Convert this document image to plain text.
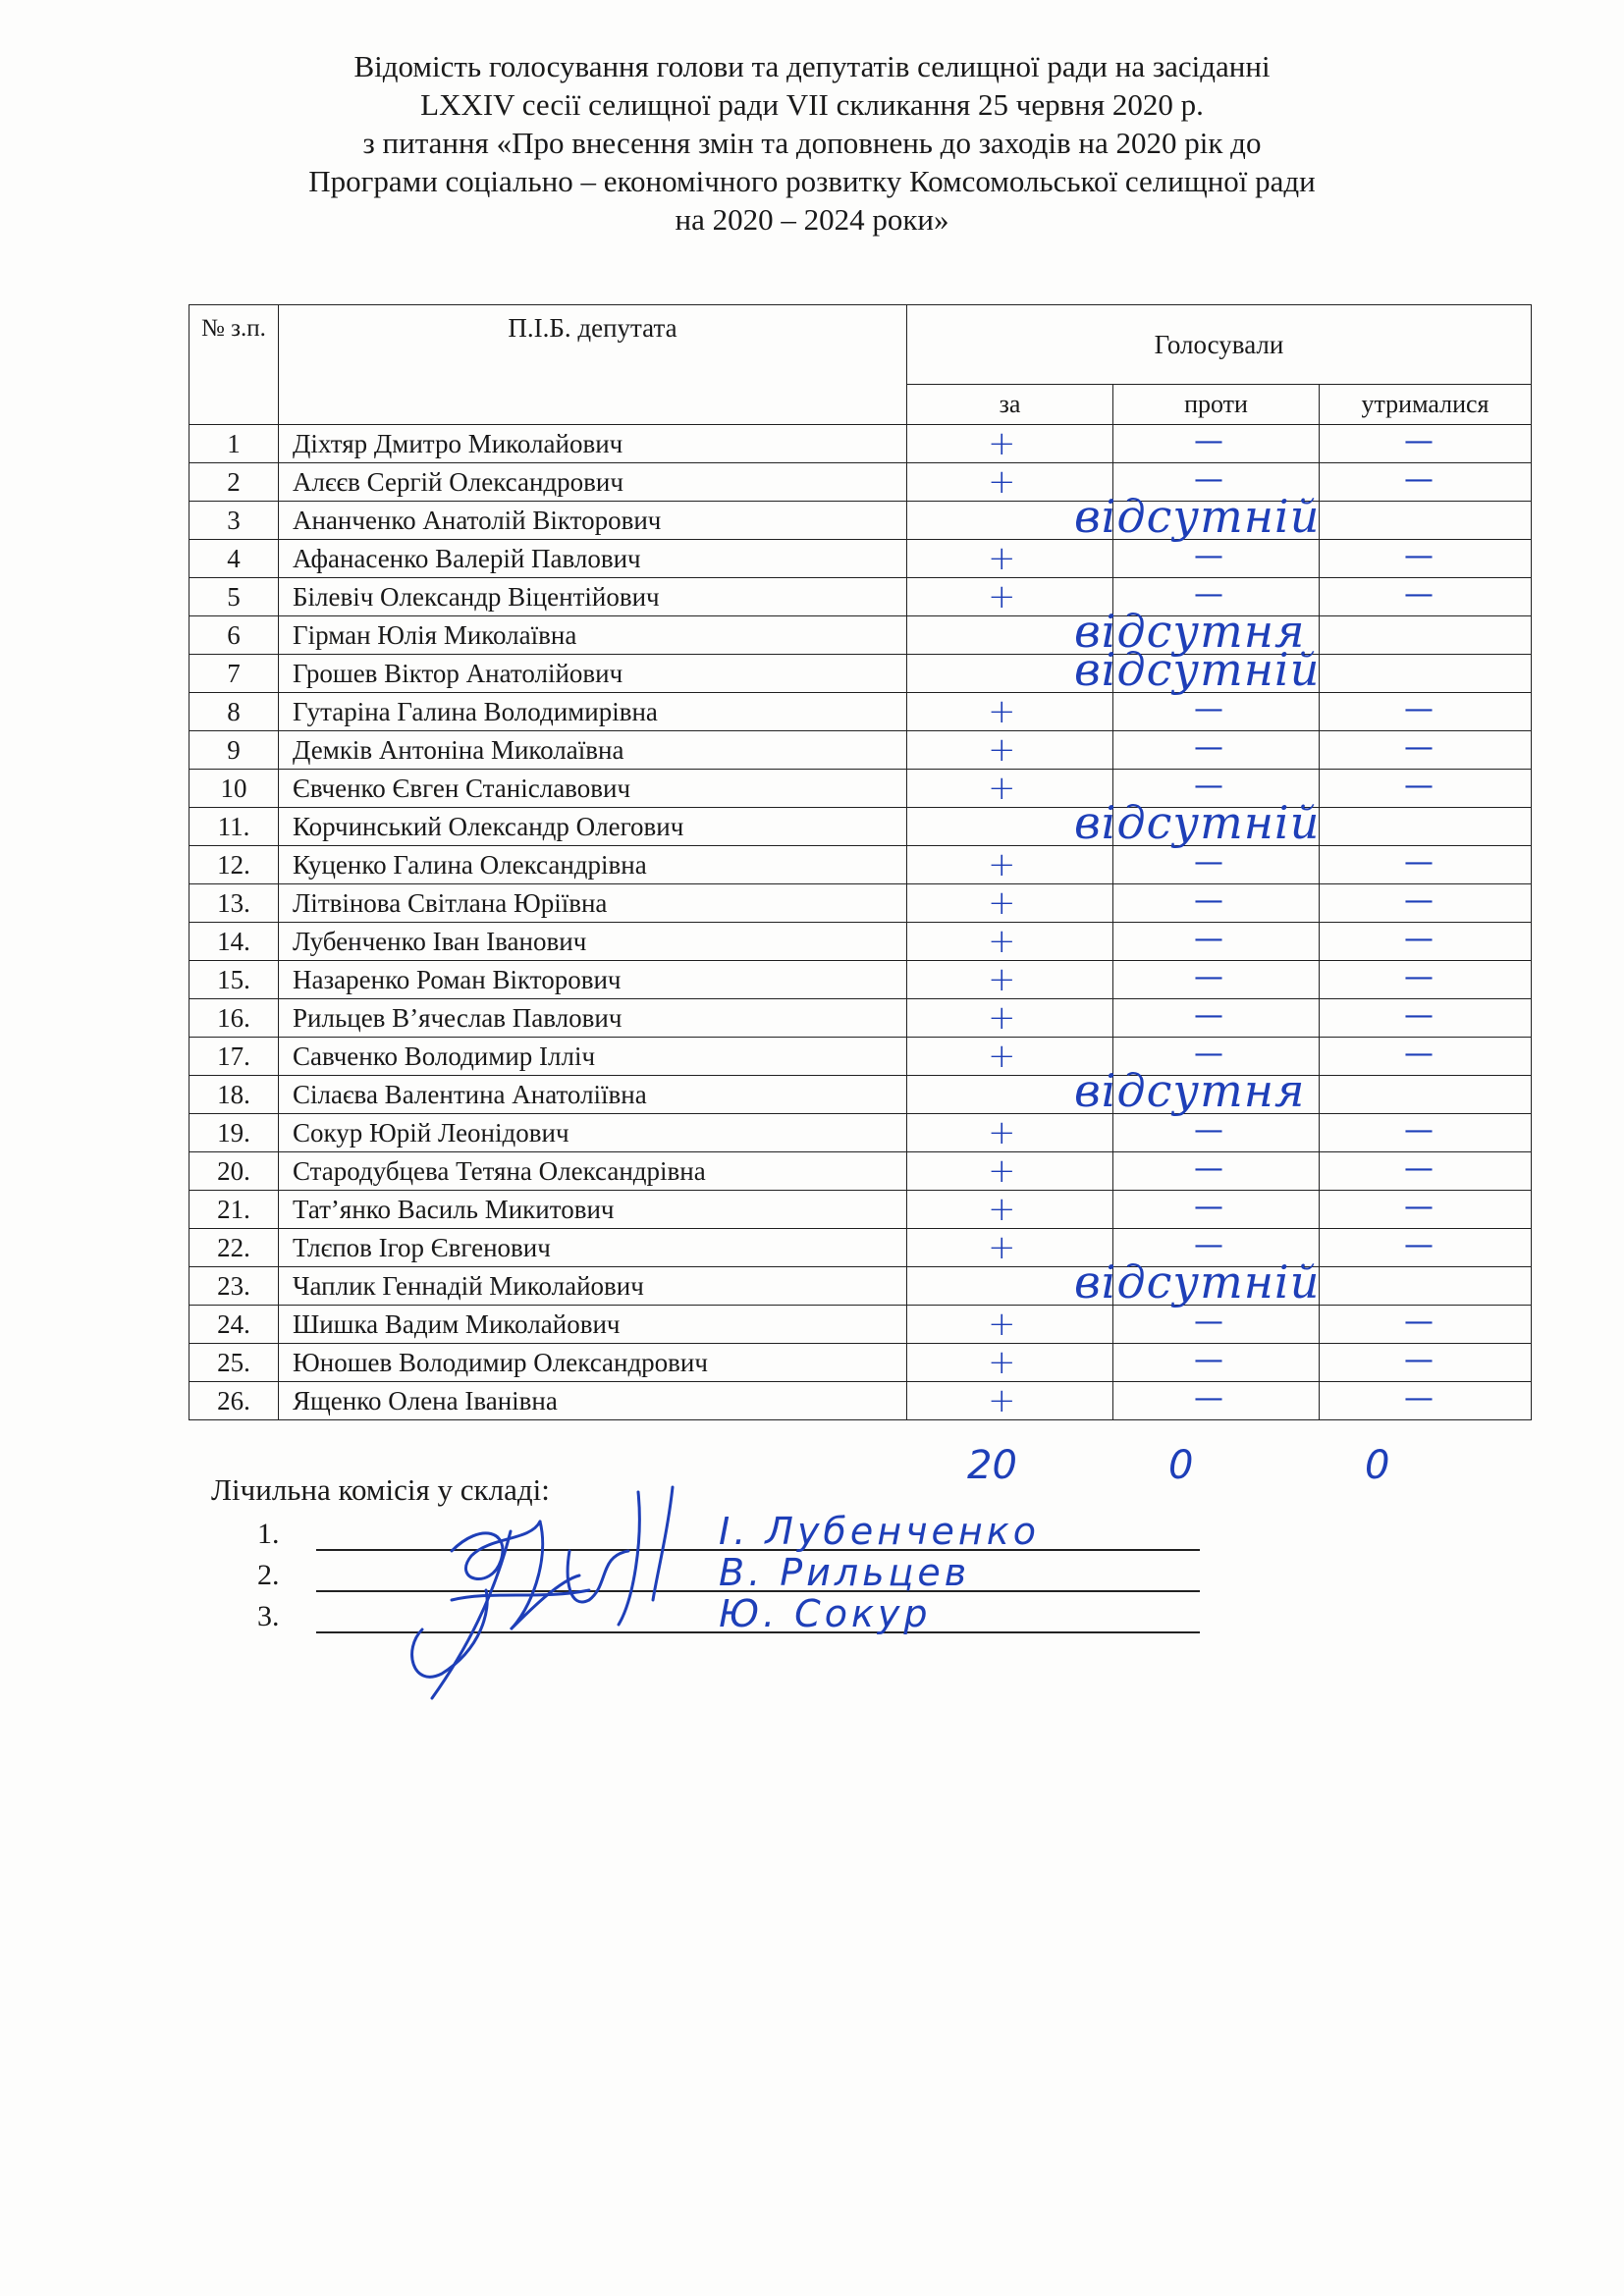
Відомість голосування голови та депутатів селищної ради на засіданні
LXXIV сесії селищної ради VII скликання 25 червня 2020 р.
з питання «Про внесення змін та доповнень до заходів на 2020 рік до
Програми соціально – економічного розвитку Комсомольської селищної ради
на 2020 – 2024 роки»
№ з.п.	П.І.Б. депутата	Голосували		
		за	проти	утрималися
1	Діхтяр Дмитро Миколайович	+	—	—

2	Алєєв Сергій Олександрович	+	—	—

3	Ананченко Анатолій Вікторович	відсутній		

4	Афанасенко Валерій Павлович	+	—	—

5	Білевіч Олександр Віцентійович	+	—	—

6	Гірман Юлія Миколаївна	відсутня		

7	Грошев Віктор Анатолійович	відсутній		

8	Гутаріна Галина Володимирівна	+	—	—

9	Демків Антоніна Миколаївна	+	—	—

10	Євченко Євген Станіславович	+	—	—

11.	Корчинський Олександр Олегович	відсутній		

12.	Куценко Галина Олександрівна	+	—	—

13.	Літвінова Світлана Юріївна	+	—	—

14.	Лубенченко Іван Іванович	+	—	—

15.	Назаренко Роман Вікторович	+	—	—

16.	Рильцев В’ячеслав Павлович	+	—	—

17.	Савченко Володимир Ілліч	+	—	—

18.	Сілаєва Валентина Анатоліївна	відсутня		

19.	Сокур Юрій Леонідович	+	—	—

20.	Стародубцева Тетяна Олександрівна	+	—	—

21.	Тат’янко Василь Микитович	+	—	—

22.	Тлєпов Ігор Євгенович	+	—	—

23.	Чаплик Геннадій Миколайович	відсутній		

24.	Шишка Вадим Миколайович	+	—	—

25.	Юношев Володимир Олександрович	+	—	—

26.	Ященко Олена Іванівна	+	—	—
20	0	0
Лічильна комісія у складі:
1.	І. Лубенченко
2.	В. Рильцев
3.	Ю. Сокур
